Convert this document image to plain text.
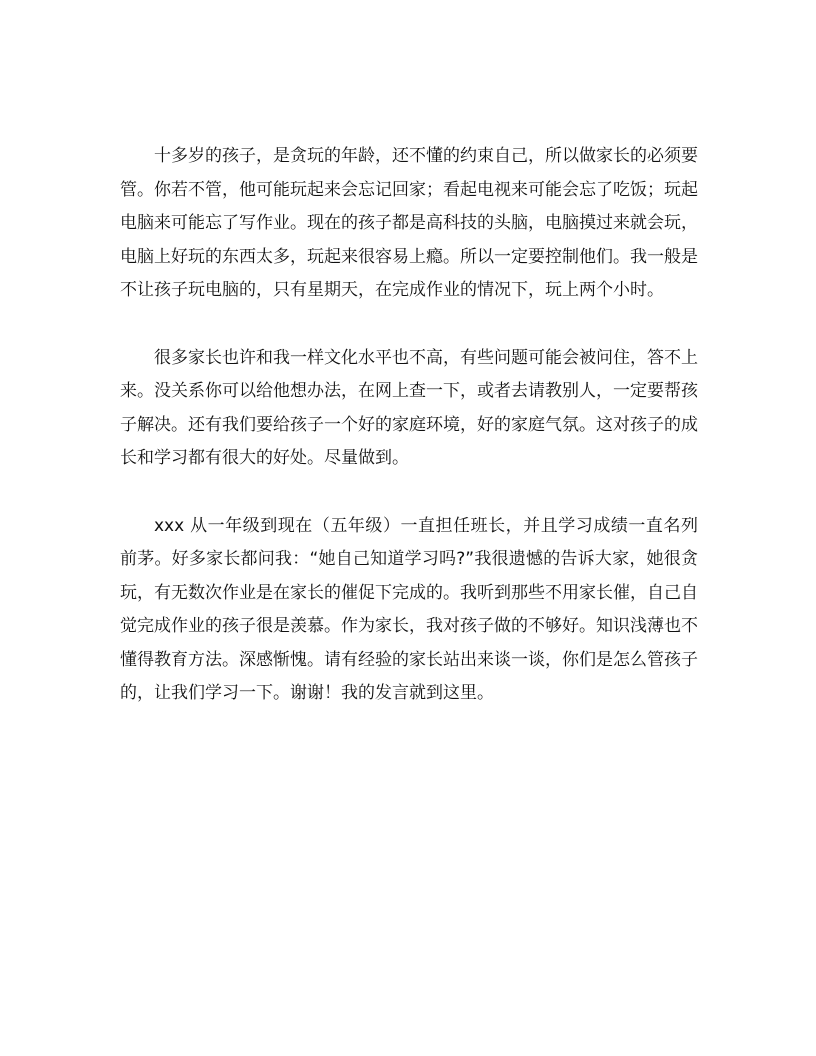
十多岁的孩子，是贪玩的年龄，还不懂的约束自己，所以做家长的必须要管。你若不管，他可能玩起来会忘记回家；看起电视来可能会忘了吃饭；玩起电脑来可能忘了写作业。现在的孩子都是高科技的头脑，电脑摸过来就会玩，电脑上好玩的东西太多，玩起来很容易上瘾。所以一定要控制他们。我一般是不让孩子玩电脑的，只有星期天，在完成作业的情况下，玩上两个小时。

很多家长也许和我一样文化水平也不高，有些问题可能会被问住，答不上来。没关系你可以给他想办法，在网上查一下，或者去请教别人，一定要帮孩子解决。还有我们要给孩子一个好的家庭环境，好的家庭气氛。这对孩子的成长和学习都有很大的好处。尽量做到。

xxx 从一年级到现在（五年级）一直担任班长，并且学习成绩一直名列前茅。好多家长都问我：“她自己知道学习吗?”我很遗憾的告诉大家，她很贪玩，有无数次作业是在家长的催促下完成的。我听到那些不用家长催，自己自觉完成作业的孩子很是羡慕。作为家长，我对孩子做的不够好。知识浅薄也不懂得教育方法。深感惭愧。请有经验的家长站出来谈一谈，你们是怎么管孩子的，让我们学习一下。谢谢！我的发言就到这里。
